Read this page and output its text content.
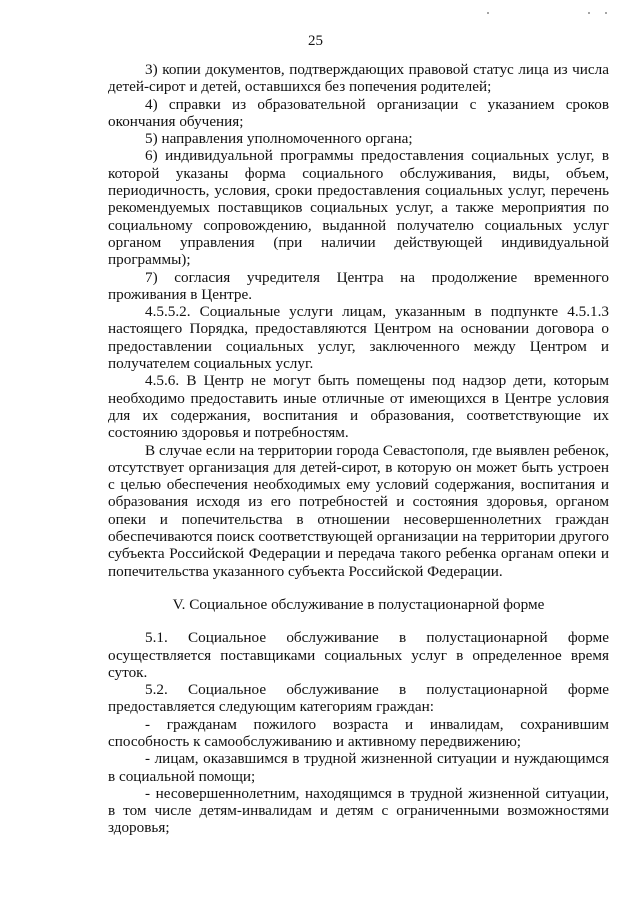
25

3) копии документов, подтверждающих правовой статус лица из числа детей-сирот и детей, оставшихся без попечения родителей;

4) справки из образовательной организации с указанием сроков окончания обучения;

5) направления уполномоченного органа;

6) индивидуальной программы предоставления социальных услуг, в которой указаны форма социального обслуживания, виды, объем, периодичность, условия, сроки предоставления социальных услуг, перечень рекомендуемых поставщиков социальных услуг, а также мероприятия по социальному сопровождению, выданной получателю социальных услуг органом управления (при наличии действующей индивидуальной программы);

7) согласия учредителя Центра на продолжение временного проживания в Центре.

4.5.5.2. Социальные услуги лицам, указанным в подпункте 4.5.1.3 настоящего Порядка, предоставляются Центром на основании договора о предоставлении социальных услуг, заключенного между Центром и получателем социальных услуг.

4.5.6. В Центр не могут быть помещены под надзор дети, которым необходимо предоставить иные отличные от имеющихся в Центре условия для их содержания, воспитания и образования, соответствующие их состоянию здоровья и потребностям.

В случае если на территории города Севастополя, где выявлен ребенок, отсутствует организация для детей-сирот, в которую он может быть устроен с целью обеспечения необходимых ему условий содержания, воспитания и образования исходя из его потребностей и состояния здоровья, органом опеки и попечительства в отношении несовершеннолетних граждан обеспечиваются поиск соответствующей организации на территории другого субъекта Российской Федерации и передача такого ребенка органам опеки и попечительства указанного субъекта Российской Федерации.

V. Социальное обслуживание в полустационарной форме

5.1. Социальное обслуживание в полустационарной форме осуществляется поставщиками социальных услуг в определенное время суток.

5.2. Социальное обслуживание в полустационарной форме предоставляется следующим категориям граждан:

- гражданам пожилого возраста и инвалидам, сохранившим способность к самообслуживанию и активному передвижению;

- лицам, оказавшимся в трудной жизненной ситуации и нуждающимся в социальной помощи;

- несовершеннолетним, находящимся в трудной жизненной ситуации, в том числе детям-инвалидам и детям с ограниченными возможностями здоровья;
